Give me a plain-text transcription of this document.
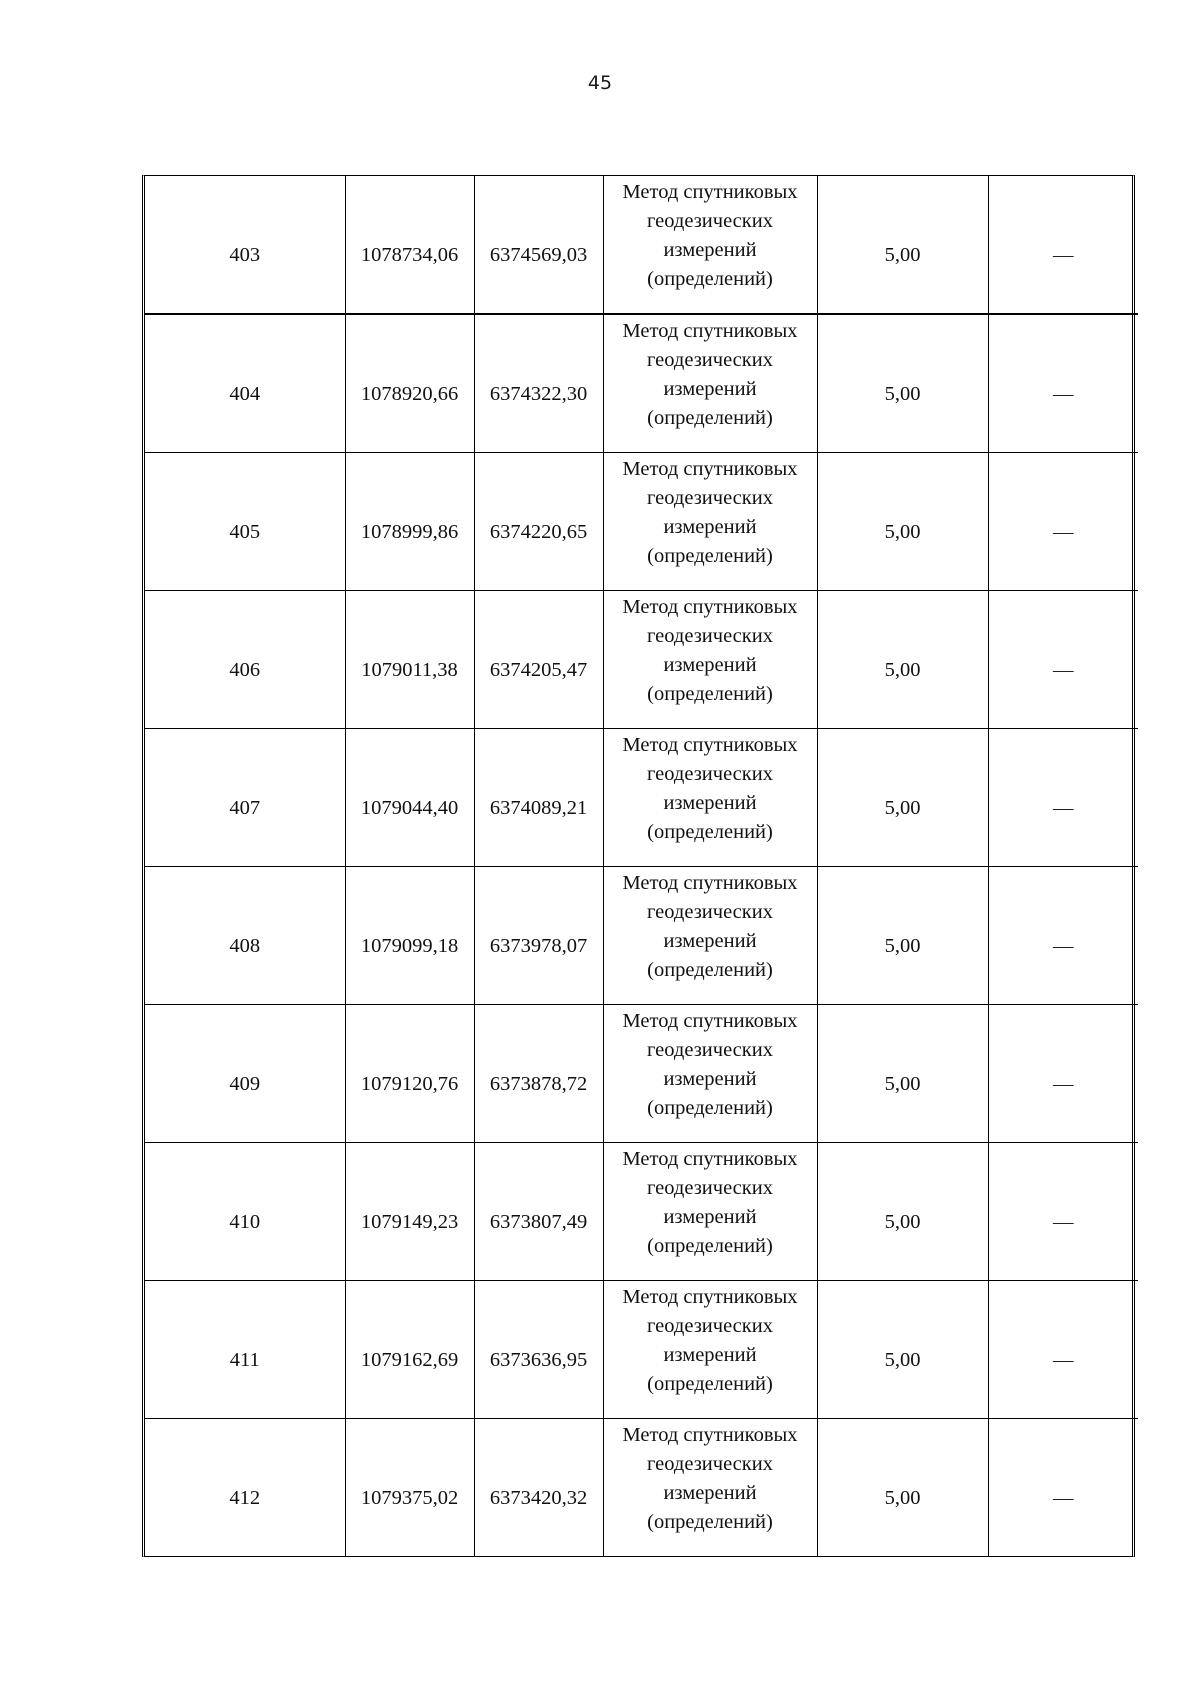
45
403	1078734,06	6374569,03	Метод спутниковых
геодезических
измерений
(определений)	5,00	—
404	1078920,66	6374322,30	Метод спутниковых
геодезических
измерений
(определений)	5,00	—
405	1078999,86	6374220,65	Метод спутниковых
геодезических
измерений
(определений)	5,00	—
406	1079011,38	6374205,47	Метод спутниковых
геодезических
измерений
(определений)	5,00	—
407	1079044,40	6374089,21	Метод спутниковых
геодезических
измерений
(определений)	5,00	—
408	1079099,18	6373978,07	Метод спутниковых
геодезических
измерений
(определений)	5,00	—
409	1079120,76	6373878,72	Метод спутниковых
геодезических
измерений
(определений)	5,00	—
410	1079149,23	6373807,49	Метод спутниковых
геодезических
измерений
(определений)	5,00	—
411	1079162,69	6373636,95	Метод спутниковых
геодезических
измерений
(определений)	5,00	—
412	1079375,02	6373420,32	Метод спутниковых
геодезических
измерений
(определений)	5,00	—
